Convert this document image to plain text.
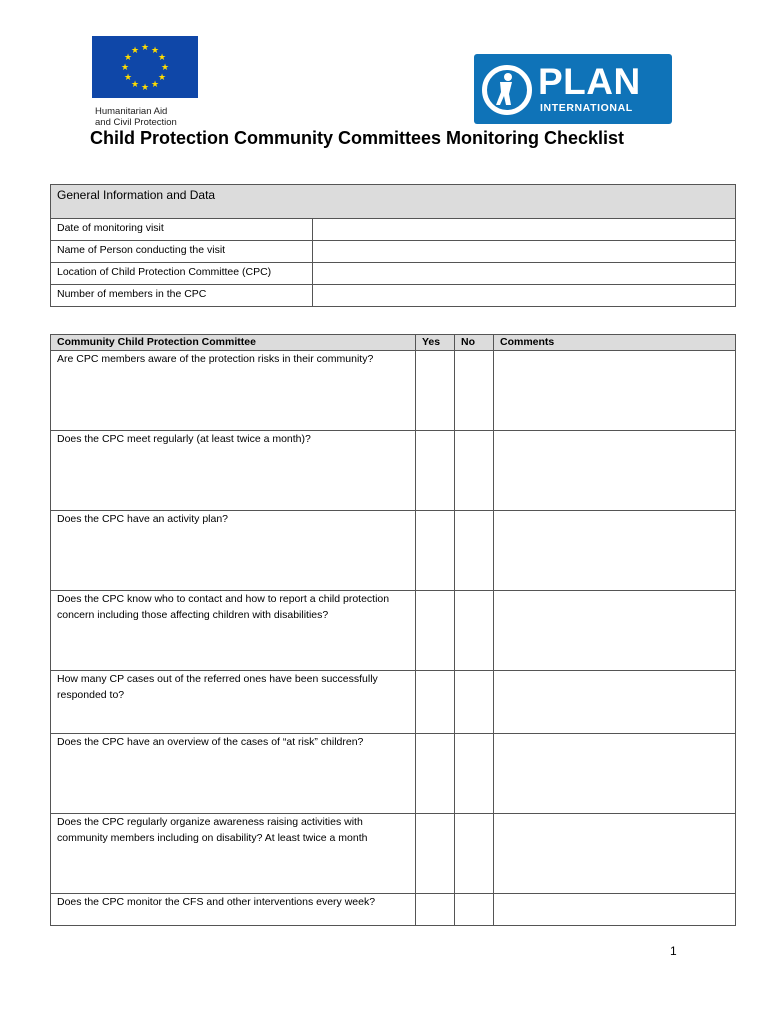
★ ★
★
★
★
★
★
★
★
★
★
★
Humanitarian Aid
and Civil Protection
PLAN
INTERNATIONAL
Child Protection Community Committees Monitoring Checklist
General Information and Data	
Date of monitoring visit	
Name of Person conducting the visit	
Location of Child Protection Committee (CPC)	
Number of members in the CPC	
Community Child Protection Committee	Yes	No	Comments
Are CPC members aware of the protection risks in their community?			
Does the CPC meet regularly (at least twice a month)?			
Does the CPC have an activity plan?			
Does the CPC know who to contact and how to report a child protection concern including those affecting children with disabilities?			
How many CP cases out of the referred ones have been successfully responded to?			
Does the CPC have an overview of the cases of “at risk” children?			
Does the CPC regularly organize awareness raising activities with community members including on disability? At least twice a month			
Does the CPC monitor the CFS and other interventions every week?			
1
